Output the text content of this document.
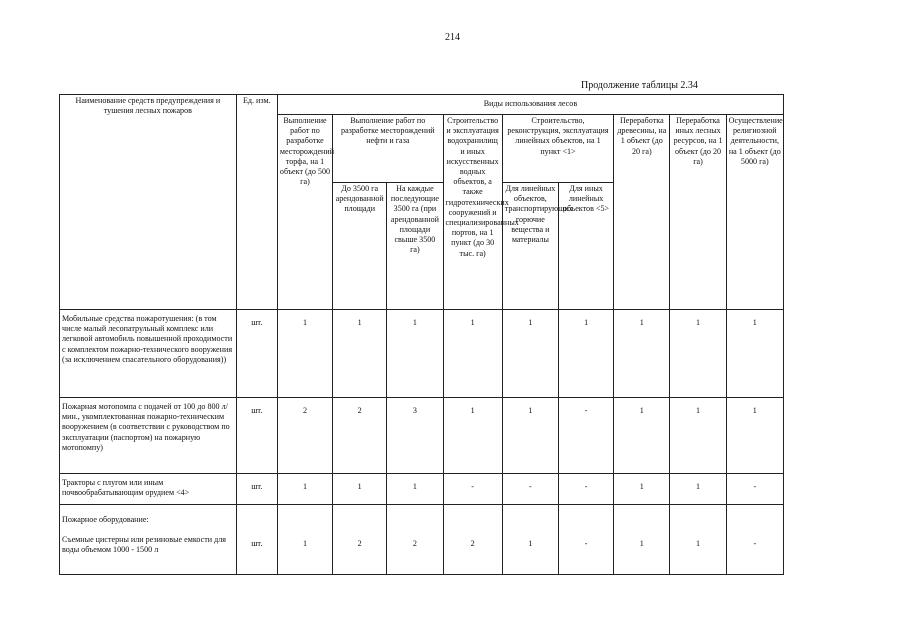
214
Продолжение таблицы 2.34
Наименование средств предупреждения и тушения лесных пожаров	Ед. изм.	Виды использования лесов								
		Выполнение работ по разработке месторождений торфа, на 1 объект (до 500 га)	Выполнение работ по разработке месторождений нефти и газа		Строительство и эксплуатация водохранилищ и иных искусственных водных объектов, а также гидротехнических сооружений и специализированных портов, на 1 пункт (до 30 тыс. га)	Строительство, реконструкция, эксплуатация линейных объектов, на 1 пункт <1>		Переработка древесины, на 1 объект (до 20 га)	Переработка иных лесных ресурсов, на 1 объект (до 20 га)	Осуществление религиозной деятельности, на 1 объект (до 5000 га)
			До 3500 га арендованной площади	На каждые последующие 3500 га (при арендованной площади свыше 3500 га)		Для линейных объектов, транспортирующих горючие вещества и материалы	Для иных линейных объектов <5>			
Мобильные средства пожаротушения: (в том числе малый лесопатрульный комплекс или легковой автомобиль повышенной проходимости с комплектом пожарно-технического вооружения (за исключением спасательного оборудования))	шт.	1	1	1	1	1	1	1	1	1
Пожарная мотопомпа с подачей от 100 до 800 л/мин., укомплектованная пожарно-техническим вооружением (в соответствии с руководством по эксплуатации (паспортом) на пожарную мотопомпу)	шт.	2	2	3	1	1	-	1	1	1
Тракторы с плугом или иным почвообрабатывающим орудием <4>	шт.	1	1	1	-	-	-	1	1	-
Пожарное оборудование:
Съемные цистерны или резиновые емкости для воды объемом 1000 - 1500 л	шт.	1	2	2	2	1	-	1	1	-
